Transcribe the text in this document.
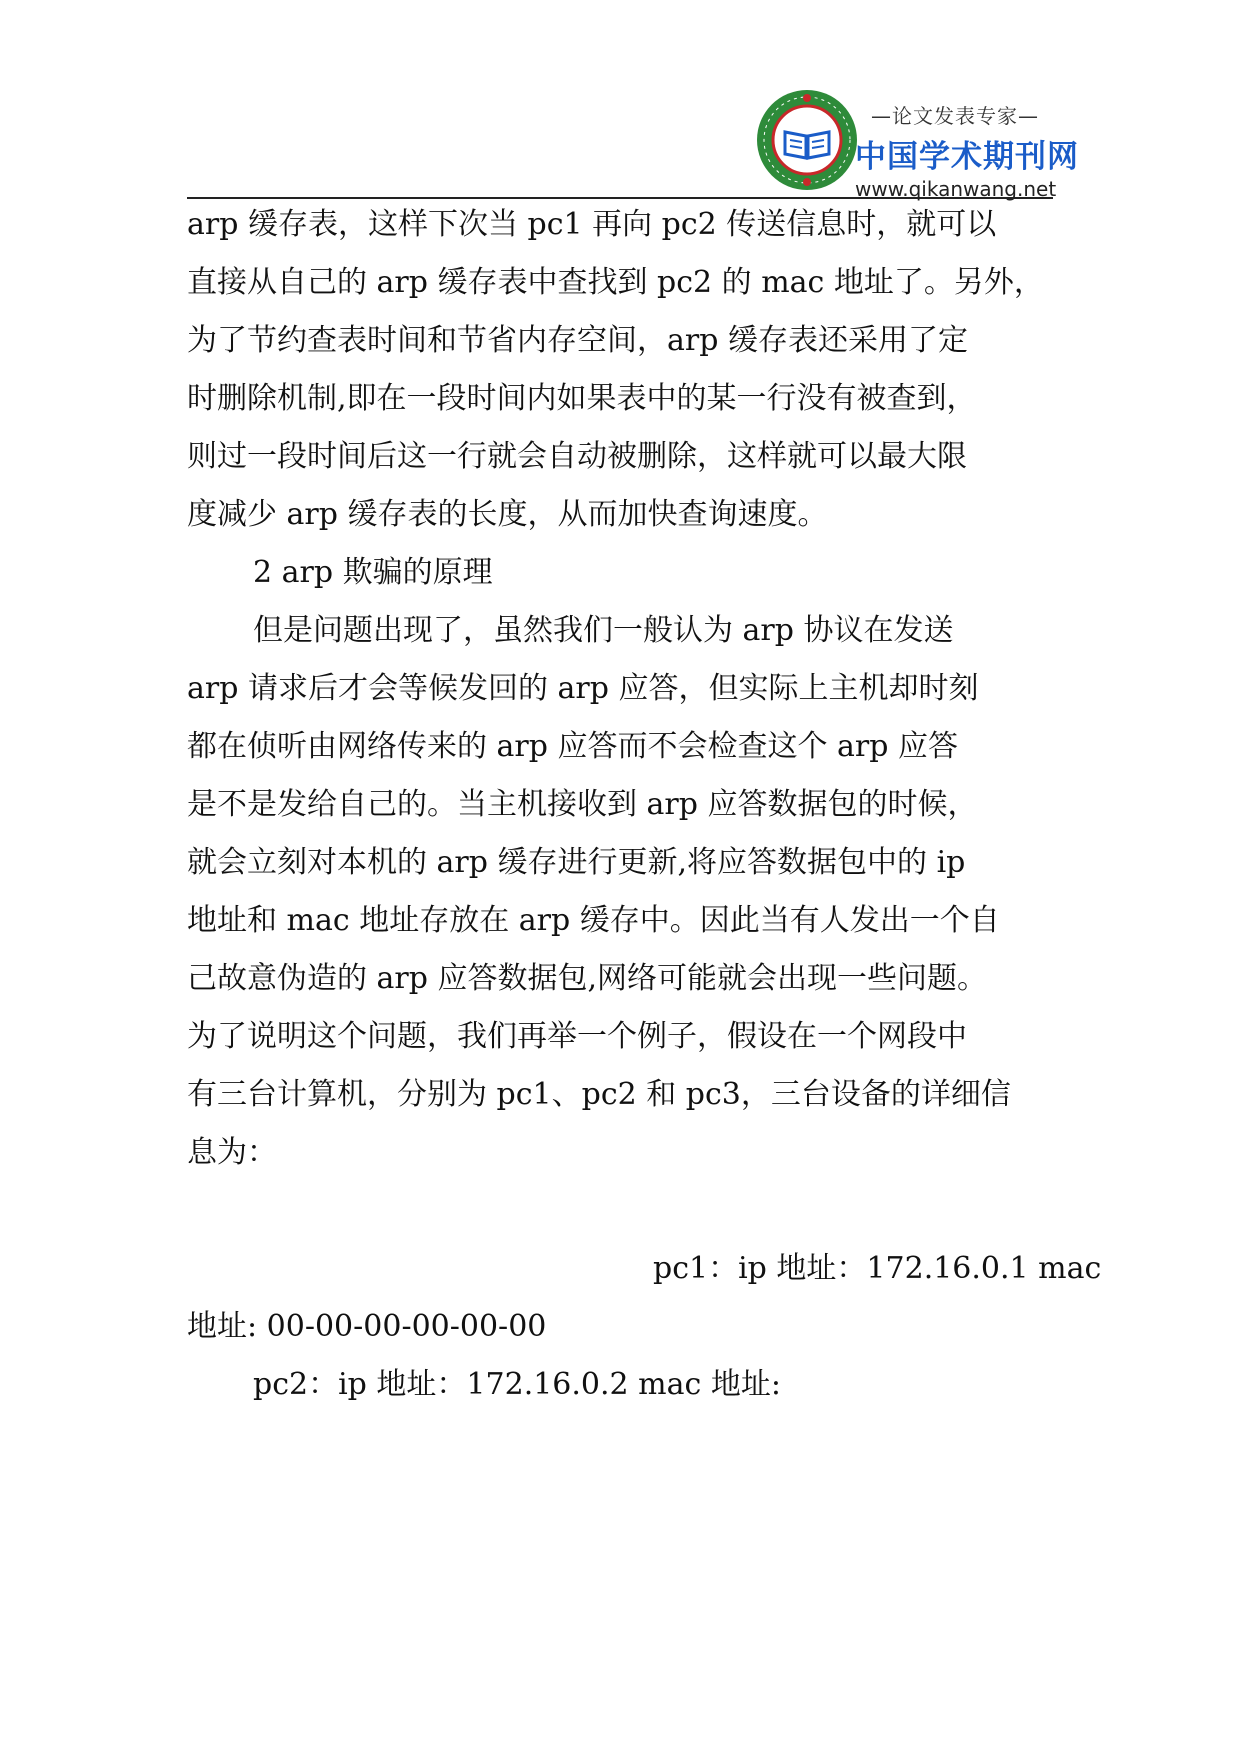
—论文发表专家—
中国学术期刊网
www.qikanwang.net
arp 缓存表，这样下次当 pc1 再向 pc2 传送信息时，就可以
直接从自己的 arp 缓存表中查找到 pc2 的 mac 地址了。另外，
为了节约查表时间和节省内存空间，arp 缓存表还采用了定
时删除机制,即在一段时间内如果表中的某一行没有被查到，
则过一段时间后这一行就会自动被删除，这样就可以最大限
度减少 arp 缓存表的长度，从而加快查询速度。
2 arp 欺骗的原理
但是问题出现了，虽然我们一般认为 arp 协议在发送
arp 请求后才会等候发回的 arp 应答，但实际上主机却时刻
都在侦听由网络传来的 arp 应答而不会检查这个 arp 应答
是不是发给自己的。当主机接收到 arp 应答数据包的时候，
就会立刻对本机的 arp 缓存进行更新,将应答数据包中的 ip
地址和 mac 地址存放在 arp 缓存中。因此当有人发出一个自
己故意伪造的 arp 应答数据包,网络可能就会出现一些问题。
为了说明这个问题，我们再举一个例子，假设在一个网段中
有三台计算机，分别为 pc1、pc2 和 pc3，三台设备的详细信
息为：
pc1：ip 地址：172.16.0.1 mac
地址: 00-00-00-00-00-00
pc2：ip 地址：172.16.0.2 mac 地址:
